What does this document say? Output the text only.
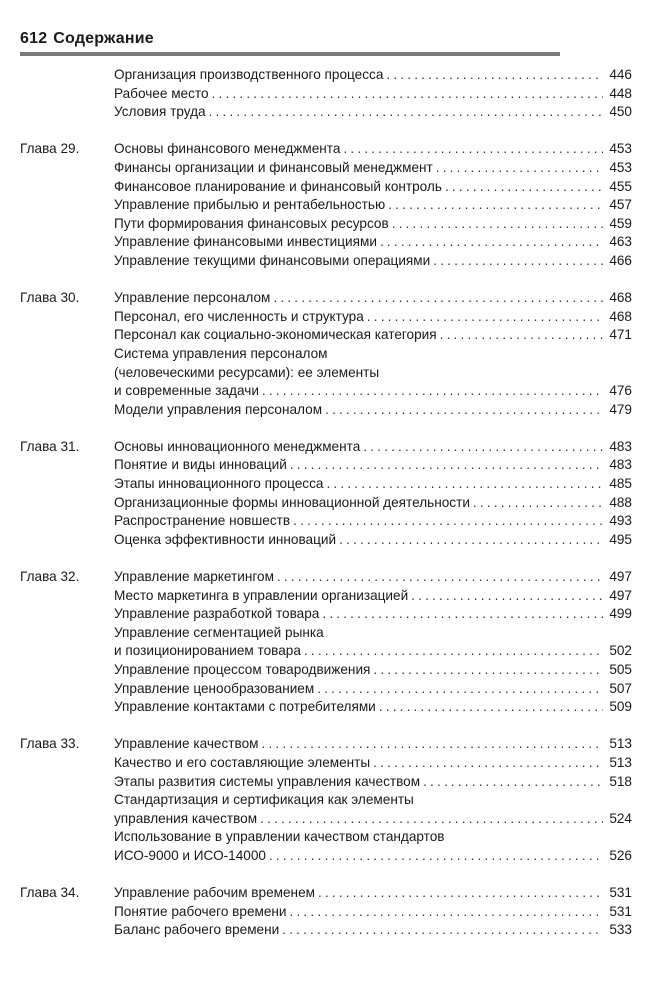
612 Содержание
Организация производственного процесса . . .	446
Рабочее место . . .	448
Условия труда . . .	450
Глава 29.	Основы финансового менеджмента . . .	453
Финансы организации и финансовый менеджмент . . .	453
Финансовое планирование и финансовый контроль . . .	455
Управление прибылью и рентабельностью . . .	457
Пути формирования финансовых ресурсов . . .	459
Управление финансовыми инвестициями . . .	463
Управление текущими финансовыми операциями . . .	466
Глава 30.	Управление персоналом . . .	468
Персонал, его численность и структура . . .	468
Персонал как социально-экономическая категория . . .	471
Система управления персоналом
(человеческими ресурсами): ее элементы
и современные задачи . . .	476
Модели управления персоналом . . .	479
Глава 31.	Основы инновационного менеджмента . . .	483
Понятие и виды инноваций . . .	483
Этапы инновационного процесса . . .	485
Организационные формы инновационной деятельности . . .	488
Распространение новшеств . . .	493
Оценка эффективности инноваций . . .	495
Глава 32.	Управление маркетингом . . .	497
Место маркетинга в управлении организацией . . .	497
Управление разработкой товара . . .	499
Управление сегментацией рынка
и позиционированием товара . . .	502
Управление процессом товародвижения . . .	505
Управление ценообразованием . . .	507
Управление контактами с потребителями . . .	509
Глава 33.	Управление качеством . . .	513
Качество и его составляющие элементы . . .	513
Этапы развития системы управления качеством . . .	518
Стандартизация и сертификация как элементы
управления качеством . . .	524
Использование в управлении качеством стандартов
ИСО-9000 и ИСО-14000 . . .	526
Глава 34.	Управление рабочим временем . . .	531
Понятие рабочего времени . . .	531
Баланс рабочего времени . . .	533
